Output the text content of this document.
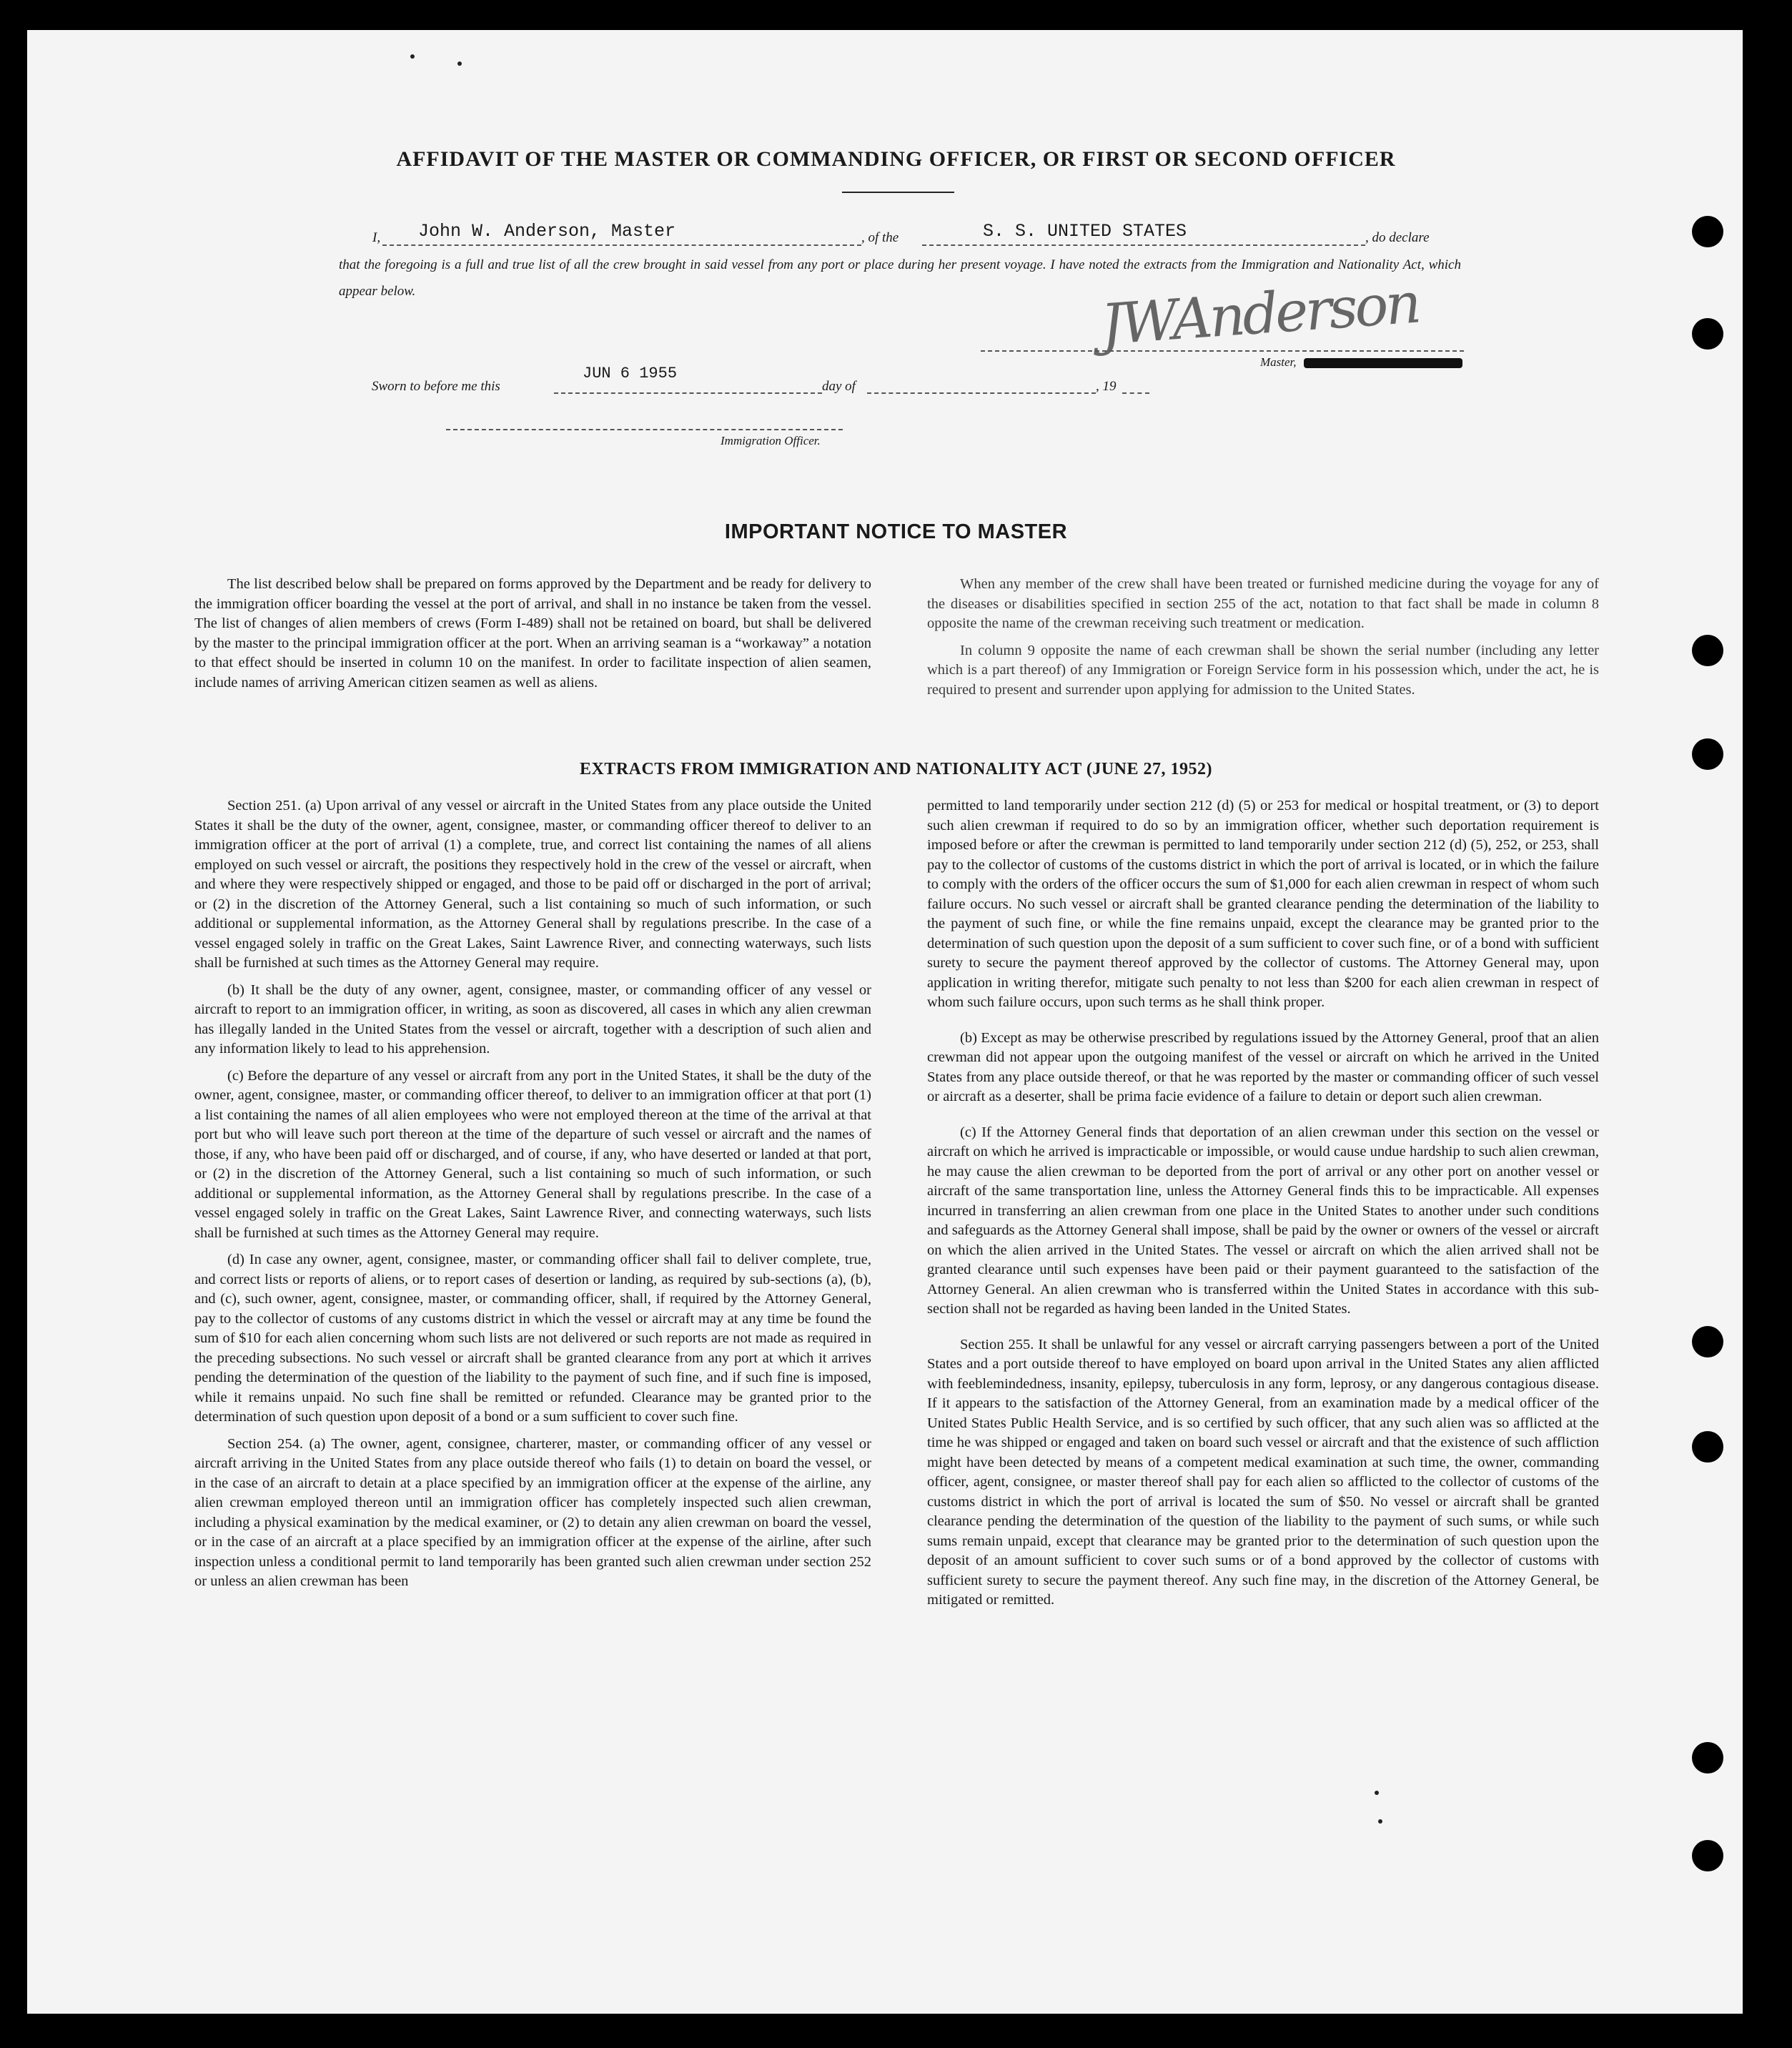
AFFIDAVIT OF THE MASTER OR COMMANDING OFFICER, OR FIRST OR SECOND OFFICER
I, John W. Anderson, Master	, of the	S. S. UNITED STATES	, do declare
that the foregoing is a full and true list of all the crew brought in said vessel from any port or place during her present voyage. I have noted the extracts from the Immigration and Nationality Act, which appear below.	JWAnderson
Master,
Sworn to before me this
JUN 6 1955
day of	, 19
Immigration Officer.
IMPORTANT NOTICE TO MASTER

The list described below shall be prepared on forms approved by the Department and be ready for delivery to the immigration officer boarding the vessel at the port of arrival, and shall in no instance be taken from the vessel. The list of changes of alien members of crews (Form I-489) shall not be retained on board, but shall be delivered by the master to the principal immigration officer at the port. When an arriving seaman is a “workaway” a notation to that effect should be inserted in column 10 on the manifest. In order to facilitate inspection of alien seamen, include names of arriving American citizen seamen as well as aliens.

When any member of the crew shall have been treated or furnished medicine during the voyage for any of the diseases or disabilities specified in section 255 of the act, notation to that fact shall be made in column 8 opposite the name of the crewman receiving such treatment or medication.

In column 9 opposite the name of each crewman shall be shown the serial number (including any letter which is a part thereof) of any Immigration or Foreign Service form in his possession which, under the act, he is required to present and surrender upon applying for admission to the United States.

EXTRACTS FROM IMMIGRATION AND NATIONALITY ACT (JUNE 27, 1952)

Section 251. (a) Upon arrival of any vessel or aircraft in the United States from any place outside the United States it shall be the duty of the owner, agent, consignee, master, or commanding officer thereof to deliver to an immigration officer at the port of arrival (1) a complete, true, and correct list containing the names of all aliens employed on such vessel or aircraft, the positions they respectively hold in the crew of the vessel or aircraft, when and where they were respectively shipped or engaged, and those to be paid off or discharged in the port of arrival; or (2) in the discretion of the Attorney General, such a list containing so much of such information, or such additional or supplemental information, as the Attorney General shall by regulations prescribe. In the case of a vessel engaged solely in traffic on the Great Lakes, Saint Lawrence River, and connecting waterways, such lists shall be furnished at such times as the Attorney General may require.

(b) It shall be the duty of any owner, agent, consignee, master, or commanding officer of any vessel or aircraft to report to an immigration officer, in writing, as soon as discovered, all cases in which any alien crewman has illegally landed in the United States from the vessel or aircraft, together with a description of such alien and any information likely to lead to his apprehension.

(c) Before the departure of any vessel or aircraft from any port in the United States, it shall be the duty of the owner, agent, consignee, master, or commanding officer thereof, to deliver to an immigration officer at that port (1) a list containing the names of all alien employees who were not employed thereon at the time of the arrival at that port but who will leave such port thereon at the time of the departure of such vessel or aircraft and the names of those, if any, who have been paid off or discharged, and of course, if any, who have deserted or landed at that port, or (2) in the discretion of the Attorney General, such a list containing so much of such information, or such additional or supplemental information, as the Attorney General shall by regulations prescribe. In the case of a vessel engaged solely in traffic on the Great Lakes, Saint Lawrence River, and connecting waterways, such lists shall be furnished at such times as the Attorney General may require.

(d) In case any owner, agent, consignee, master, or commanding officer shall fail to deliver complete, true, and correct lists or reports of aliens, or to report cases of desertion or landing, as required by sub-sections (a), (b), and (c), such owner, agent, consignee, master, or commanding officer, shall, if required by the Attorney General, pay to the collector of customs of any customs district in which the vessel or aircraft may at any time be found the sum of $10 for each alien concerning whom such lists are not delivered or such reports are not made as required in the preceding subsections. No such vessel or aircraft shall be granted clearance from any port at which it arrives pending the determination of the question of the liability to the payment of such fine, and if such fine is imposed, while it remains unpaid. No such fine shall be remitted or refunded. Clearance may be granted prior to the determination of such question upon deposit of a bond or a sum sufficient to cover such fine.

Section 254. (a) The owner, agent, consignee, charterer, master, or commanding officer of any vessel or aircraft arriving in the United States from any place outside thereof who fails (1) to detain on board the vessel, or in the case of an aircraft to detain at a place specified by an immigration officer at the expense of the airline, any alien crewman employed thereon until an immigration officer has completely inspected such alien crewman, including a physical examination by the medical examiner, or (2) to detain any alien crewman on board the vessel, or in the case of an aircraft at a place specified by an immigration officer at the expense of the airline, after such inspection unless a conditional permit to land temporarily has been granted such alien crewman under section 252 or unless an alien crewman has been

permitted to land temporarily under section 212 (d) (5) or 253 for medical or hospital treatment, or (3) to deport such alien crewman if required to do so by an immigration officer, whether such deportation requirement is imposed before or after the crewman is permitted to land temporarily under section 212 (d) (5), 252, or 253, shall pay to the collector of customs of the customs district in which the port of arrival is located, or in which the failure to comply with the orders of the officer occurs the sum of $1,000 for each alien crewman in respect of whom such failure occurs. No such vessel or aircraft shall be granted clearance pending the determination of the liability to the payment of such fine, or while the fine remains unpaid, except the clearance may be granted prior to the determination of such question upon the deposit of a sum sufficient to cover such fine, or of a bond with sufficient surety to secure the payment thereof approved by the collector of customs. The Attorney General may, upon application in writing therefor, mitigate such penalty to not less than $200 for each alien crewman in respect of whom such failure occurs, upon such terms as he shall think proper.

(b) Except as may be otherwise prescribed by regulations issued by the Attorney General, proof that an alien crewman did not appear upon the outgoing manifest of the vessel or aircraft on which he arrived in the United States from any place outside thereof, or that he was reported by the master or commanding officer of such vessel or aircraft as a deserter, shall be prima facie evidence of a failure to detain or deport such alien crewman.

(c) If the Attorney General finds that deportation of an alien crewman under this section on the vessel or aircraft on which he arrived is impracticable or impossible, or would cause undue hardship to such alien crewman, he may cause the alien crewman to be deported from the port of arrival or any other port on another vessel or aircraft of the same transportation line, unless the Attorney General finds this to be impracticable. All expenses incurred in transferring an alien crewman from one place in the United States to another under such conditions and safeguards as the Attorney General shall impose, shall be paid by the owner or owners of the vessel or aircraft on which the alien arrived in the United States. The vessel or aircraft on which the alien arrived shall not be granted clearance until such expenses have been paid or their payment guaranteed to the satisfaction of the Attorney General. An alien crewman who is transferred within the United States in accordance with this sub-section shall not be regarded as having been landed in the United States.

Section 255. It shall be unlawful for any vessel or aircraft carrying passengers between a port of the United States and a port outside thereof to have employed on board upon arrival in the United States any alien afflicted with feeblemindedness, insanity, epilepsy, tuberculosis in any form, leprosy, or any dangerous contagious disease. If it appears to the satisfaction of the Attorney General, from an examination made by a medical officer of the United States Public Health Service, and is so certified by such officer, that any such alien was so afflicted at the time he was shipped or engaged and taken on board such vessel or aircraft and that the existence of such affliction might have been detected by means of a competent medical examination at such time, the owner, commanding officer, agent, consignee, or master thereof shall pay for each alien so afflicted to the collector of customs of the customs district in which the port of arrival is located the sum of $50. No vessel or aircraft shall be granted clearance pending the determination of the question of the liability to the payment of such sums, or while such sums remain unpaid, except that clearance may be granted prior to the determination of such question upon the deposit of an amount sufficient to cover such sums or of a bond approved by the collector of customs with sufficient surety to secure the payment thereof. Any such fine may, in the discretion of the Attorney General, be mitigated or remitted.
